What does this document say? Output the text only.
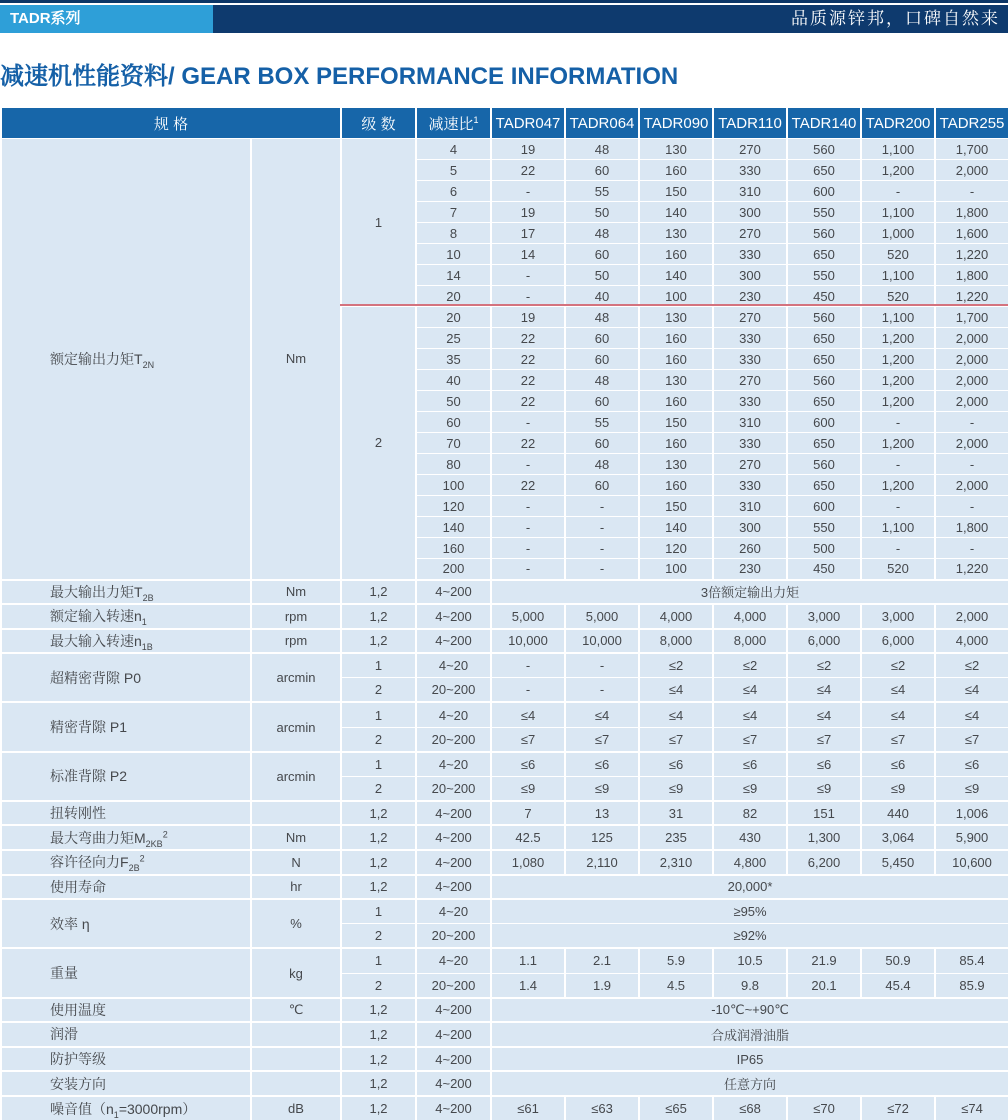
TADR系列	品质源锌邦，口碑自然来
减速机性能资料/ GEAR BOX PERFORMANCE INFORMATION
规 格		级 数	减速比$^1$	TADR047	TADR064	TADR090	TADR110	TADR140	TADR200	TADR255
额定输出力矩$T_{2N}$	Nm	1	4	19	48	130	270	560	1,100	1,700
			5	22	60	160	330	650	1,200	2,000
			6	-	55	150	310	600	-	-
			7	19	50	140	300	550	1,100	1,800
			8	17	48	130	270	560	1,000	1,600
			10	14	60	160	330	650	520	1,220
			14	-	50	140	300	550	1,100	1,800
			20	-	40	100	230	450	520	1,220
		2	20	19	48	130	270	560	1,100	1,700
			25	22	60	160	330	650	1,200	2,000
			35	22	60	160	330	650	1,200	2,000
			40	22	48	130	270	560	1,200	2,000
			50	22	60	160	330	650	1,200	2,000
			60	-	55	150	310	600	-	-
			70	22	60	160	330	650	1,200	2,000
			80	-	48	130	270	560	-	-
			100	22	60	160	330	650	1,200	2,000
			120	-	-	150	310	600	-	-
			140	-	-	140	300	550	1,100	1,800
			160	-	-	120	260	500	-	-
			200	-	-	100	230	450	520	1,220
最大输出力矩$T_{2B}$	Nm	1,2	4~200	3倍额定输出力矩						
额定输入转速$n_1$	rpm	1,2	4~200	5,000	5,000	4,000	4,000	3,000	3,000	2,000
最大输入转速$n_{1B}$	rpm	1,2	4~200	10,000	10,000	8,000	8,000	6,000	6,000	4,000
超精密背隙 P0	arcmin	1	4~20	-	-	≤2	≤2	≤2	≤2	≤2
		2	20~200	-	-	≤4	≤4	≤4	≤4	≤4
精密背隙 P1	arcmin	1	4~20	≤4	≤4	≤4	≤4	≤4	≤4	≤4
		2	20~200	≤7	≤7	≤7	≤7	≤7	≤7	≤7
标准背隙 P2	arcmin	1	4~20	≤6	≤6	≤6	≤6	≤6	≤6	≤6
		2	20~200	≤9	≤9	≤9	≤9	≤9	≤9	≤9
扭转刚性		1,2	4~200	7	13	31	82	151	440	1,006
最大弯曲力矩$M_{2KB}^2$	Nm	1,2	4~200	42.5	125	235	430	1,300	3,064	5,900
容许径向力$F_{2B}^2$	N	1,2	4~200	1,080	2,110	2,310	4,800	6,200	5,450	10,600
使用寿命	hr	1,2	4~200	20,000*						
效率 η	%	1	4~20	≥95%						
		2	20~200	≥92%						
重量	kg	1	4~20	1.1	2.1	5.9	10.5	21.9	50.9	85.4
		2	20~200	1.4	1.9	4.5	9.8	20.1	45.4	85.9
使用温度	℃	1,2	4~200	-10℃~+90℃						
润滑		1,2	4~200	合成润滑油脂						
防护等级		1,2	4~200	IP65						
安装方向		1,2	4~200	任意方向						
噪音值$(n_1=3000rpm)$	dB	1,2	4~200	≤61	≤63	≤65	≤68	≤70	≤72	≤74
